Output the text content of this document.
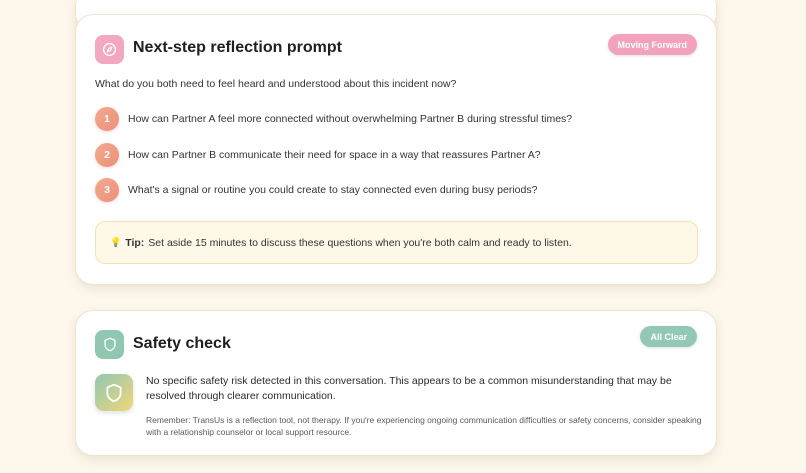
Next-step reflection prompt	Moving Forward
What do you both need to feel heard and understood about this incident now?
1	How can Partner A feel more connected without overwhelming Partner B during stressful times?
2	How can Partner B communicate their need for space in a way that reassures Partner A?
3	What's a signal or routine you could create to stay connected even during busy periods?
💡 Tip: Set aside 15 minutes to discuss these questions when you're both calm and ready to listen.
Safety check	All Clear
No specific safety risk detected in this conversation. This appears to be a common misunderstanding that may be resolved through clearer communication.
Remember: TransUs is a reflection tool, not therapy. If you're experiencing ongoing communication difficulties or safety concerns, consider speaking with a relationship counselor or local support resource.
